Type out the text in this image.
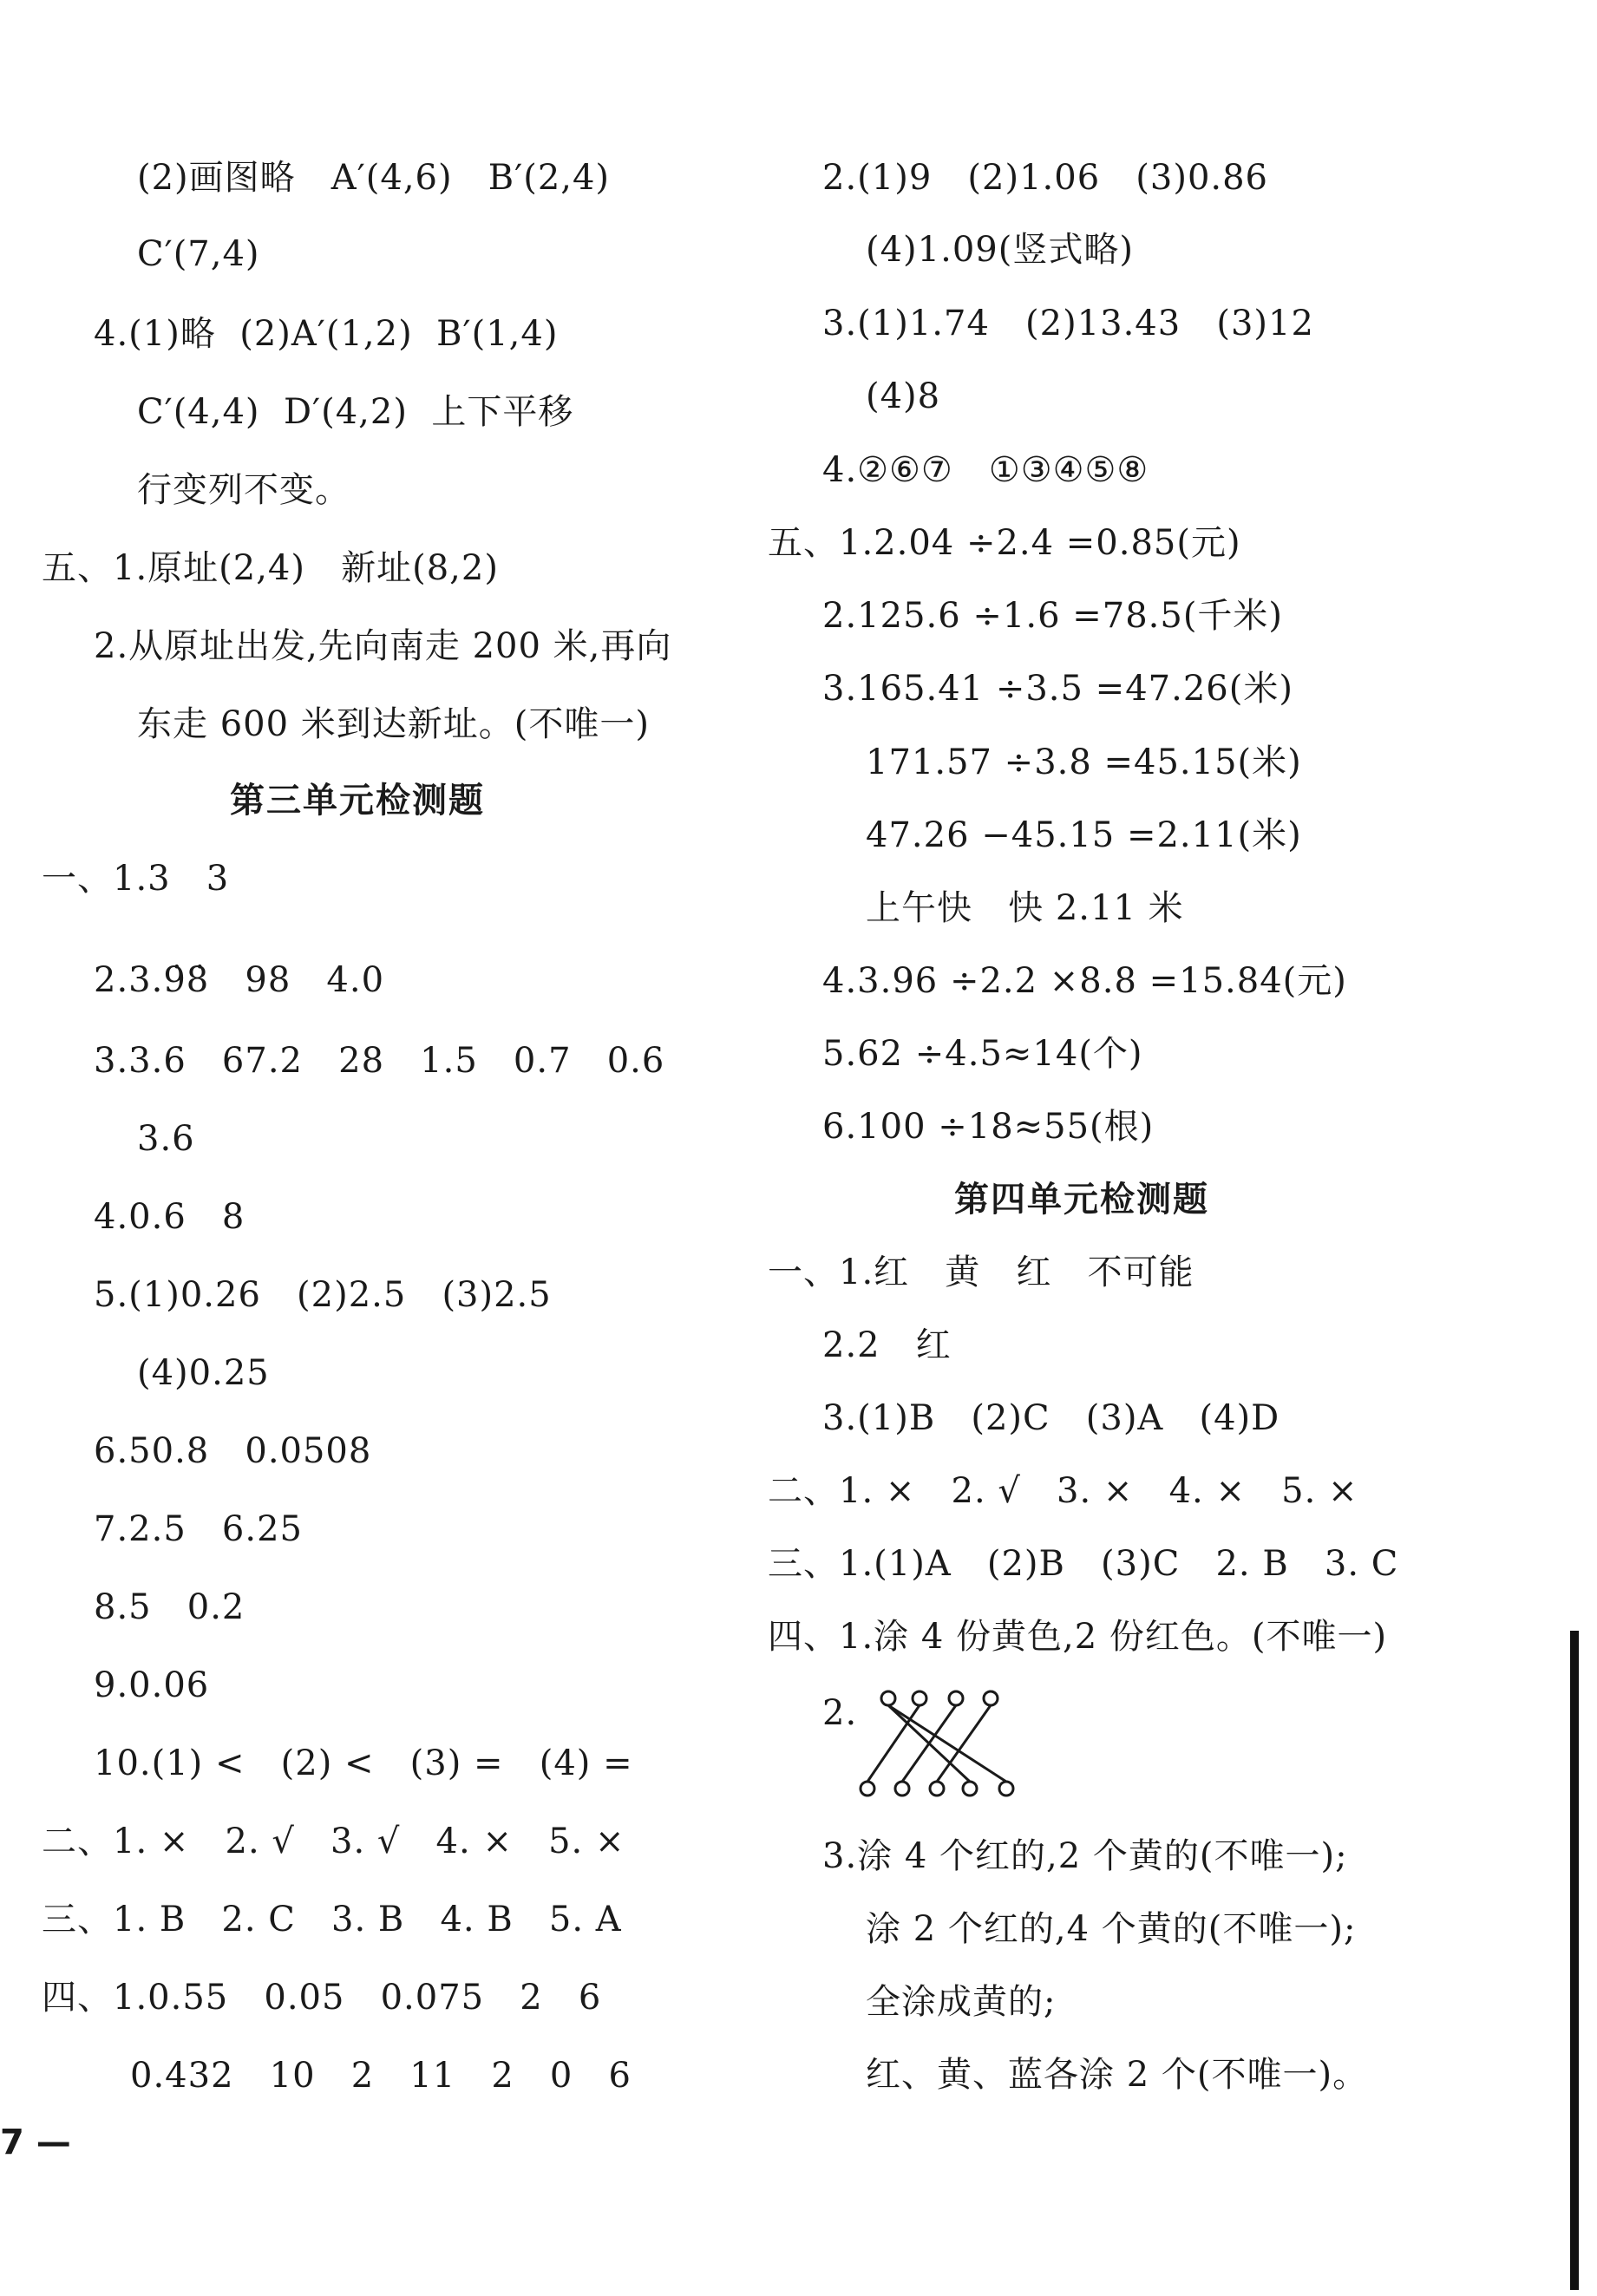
(2)画图略   A′(4,6)   B′(2,4)
C′(7,4)
4.(1)略  (2)A′(1,2)  B′(1,4)
C′(4,4)  D′(4,2)  上下平移
行变列不变。
五、1.原址(2,4)   新址(8,2)
2.从原址出发,先向南走 200 米,再向
东走 600 米到达新址。(不唯一)
第三单元检测题
一、1.3   3
2.3.9̇8̇   98   4.0
3.3.6   67.2   28   1.5   0.7   0.6
3.6
4.0.6   8
5.(1)0.26   (2)2.5   (3)2.5
(4)0.25
6.50.8   0.0508
7.2.5   6.25
8.5   0.2
9.0.06
10.(1) <   (2) <   (3) =   (4) =
二、1. ×   2. √   3. √   4. ×   5. ×
三、1. B   2. C   3. B   4. B   5. A
四、1.0.55   0.05   0.075   2   6
0.432   10   2   11   2   0   6
7 —
2.(1)9   (2)1.06   (3)0.86
(4)1.09(竖式略)
3.(1)1.74   (2)13.43   (3)12
(4)8
4.②⑥⑦   ①③④⑤⑧
五、1.2.04 ÷2.4 =0.85(元)
2.125.6 ÷1.6 =78.5(千米)
3.165.41 ÷3.5 =47.26(米)
171.57 ÷3.8 =45.15(米)
47.26 −45.15 =2.11(米)
上午快   快 2.11 米
4.3.96 ÷2.2 ×8.8 =15.84(元)
5.62 ÷4.5≈14(个)
6.100 ÷18≈55(根)
第四单元检测题
一、1.红   黄   红   不可能
2.2   红
3.(1)B   (2)C   (3)A   (4)D
二、1. ×   2. √   3. ×   4. ×   5. ×
三、1.(1)A   (2)B   (3)C   2. B   3. C
四、1.涂 4 份黄色,2 份红色。(不唯一)
2.
3.涂 4 个红的,2 个黄的(不唯一);
涂 2 个红的,4 个黄的(不唯一);
全涂成黄的;
红、黄、蓝各涂 2 个(不唯一)。
